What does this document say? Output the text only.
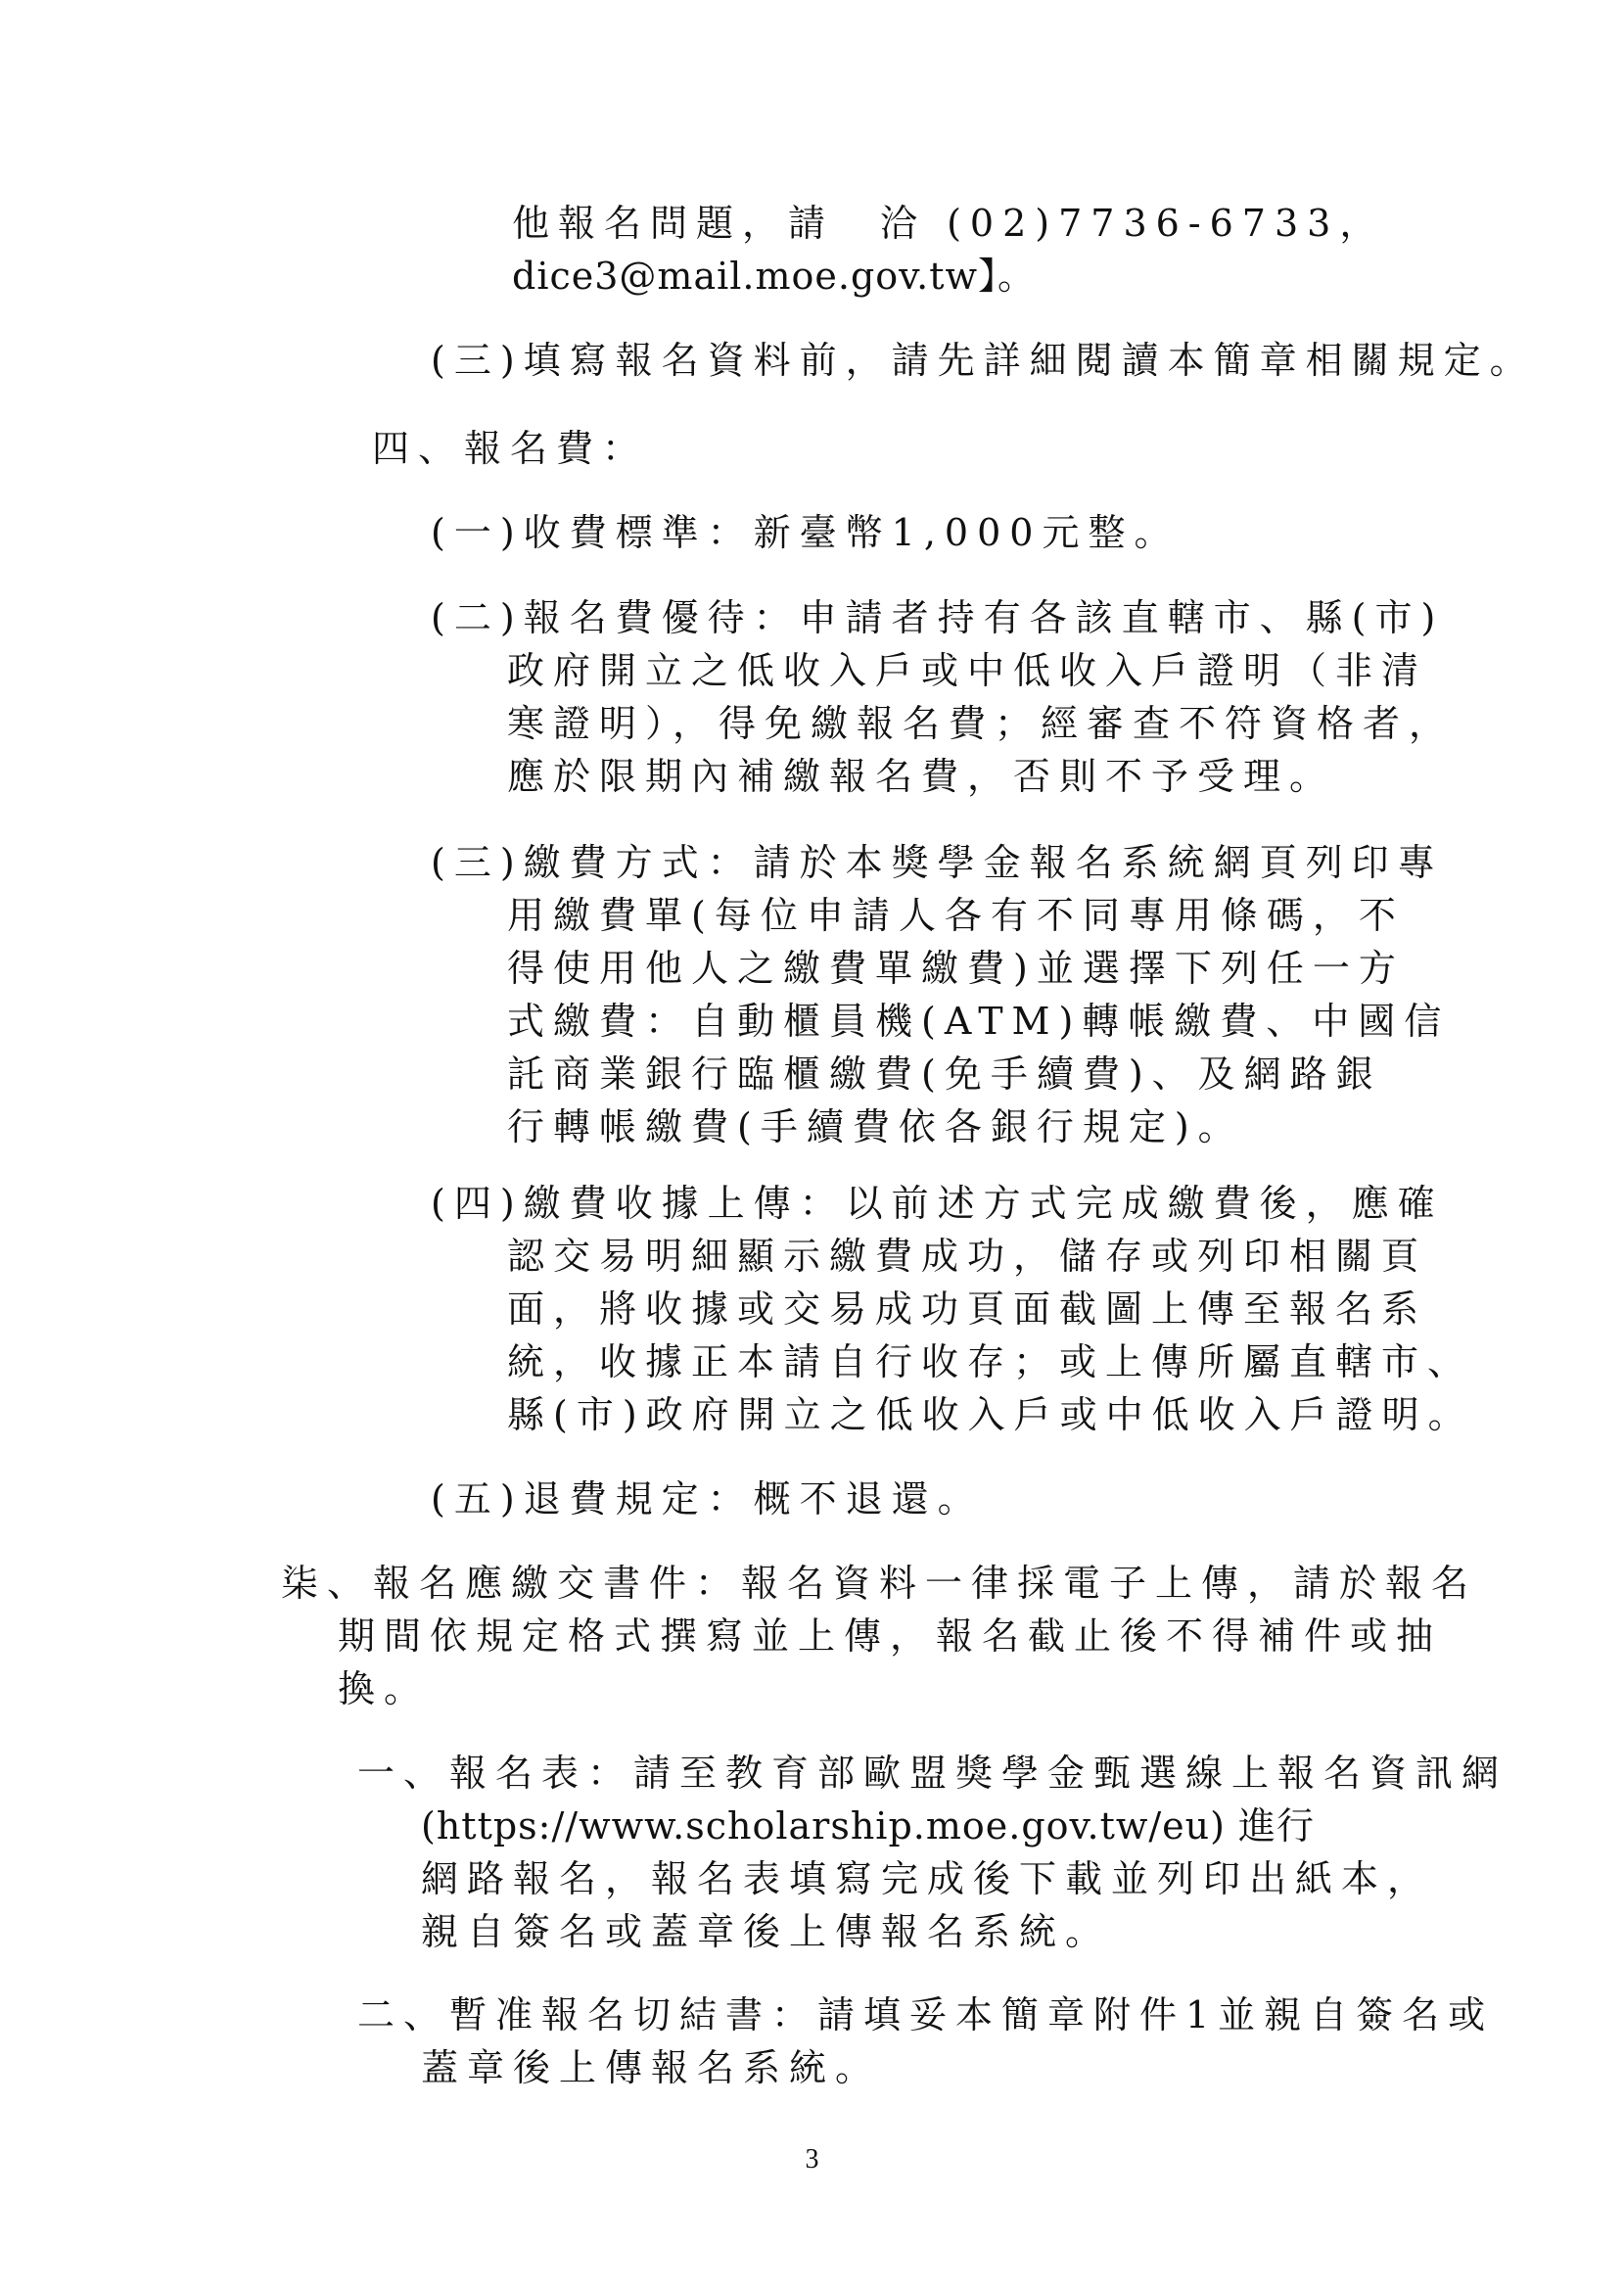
他報名問題，請　洽 (02)7736-6733，
dice3@mail.moe.gov.tw】。
(三)填寫報名資料前，請先詳細閱讀本簡章相關規定。
四、報名費：
(一)收費標準：新臺幣1,000元整。
(二)報名費優待：申請者持有各該直轄市、縣(市)
政府開立之低收入戶或中低收入戶證明（非清
寒證明），得免繳報名費；經審查不符資格者，
應於限期內補繳報名費，否則不予受理。
(三)繳費方式：請於本獎學金報名系統網頁列印專
用繳費單(每位申請人各有不同專用條碼，不
得使用他人之繳費單繳費)並選擇下列任一方
式繳費：自動櫃員機(ATM)轉帳繳費、中國信
託商業銀行臨櫃繳費(免手續費)、及網路銀
行轉帳繳費(手續費依各銀行規定)。
(四)繳費收據上傳：以前述方式完成繳費後，應確
認交易明細顯示繳費成功，儲存或列印相關頁
面，將收據或交易成功頁面截圖上傳至報名系
統，收據正本請自行收存；或上傳所屬直轄市、
縣(市)政府開立之低收入戶或中低收入戶證明。
(五)退費規定：概不退還。
柒、報名應繳交書件：報名資料一律採電子上傳，請於報名
期間依規定格式撰寫並上傳，報名截止後不得補件或抽
換。
一、報名表：請至教育部歐盟獎學金甄選線上報名資訊網
(https://www.scholarship.moe.gov.tw/eu) 進行
網路報名，報名表填寫完成後下載並列印出紙本，
親自簽名或蓋章後上傳報名系統。
二、暫准報名切結書：請填妥本簡章附件1並親自簽名或
蓋章後上傳報名系統。
3
